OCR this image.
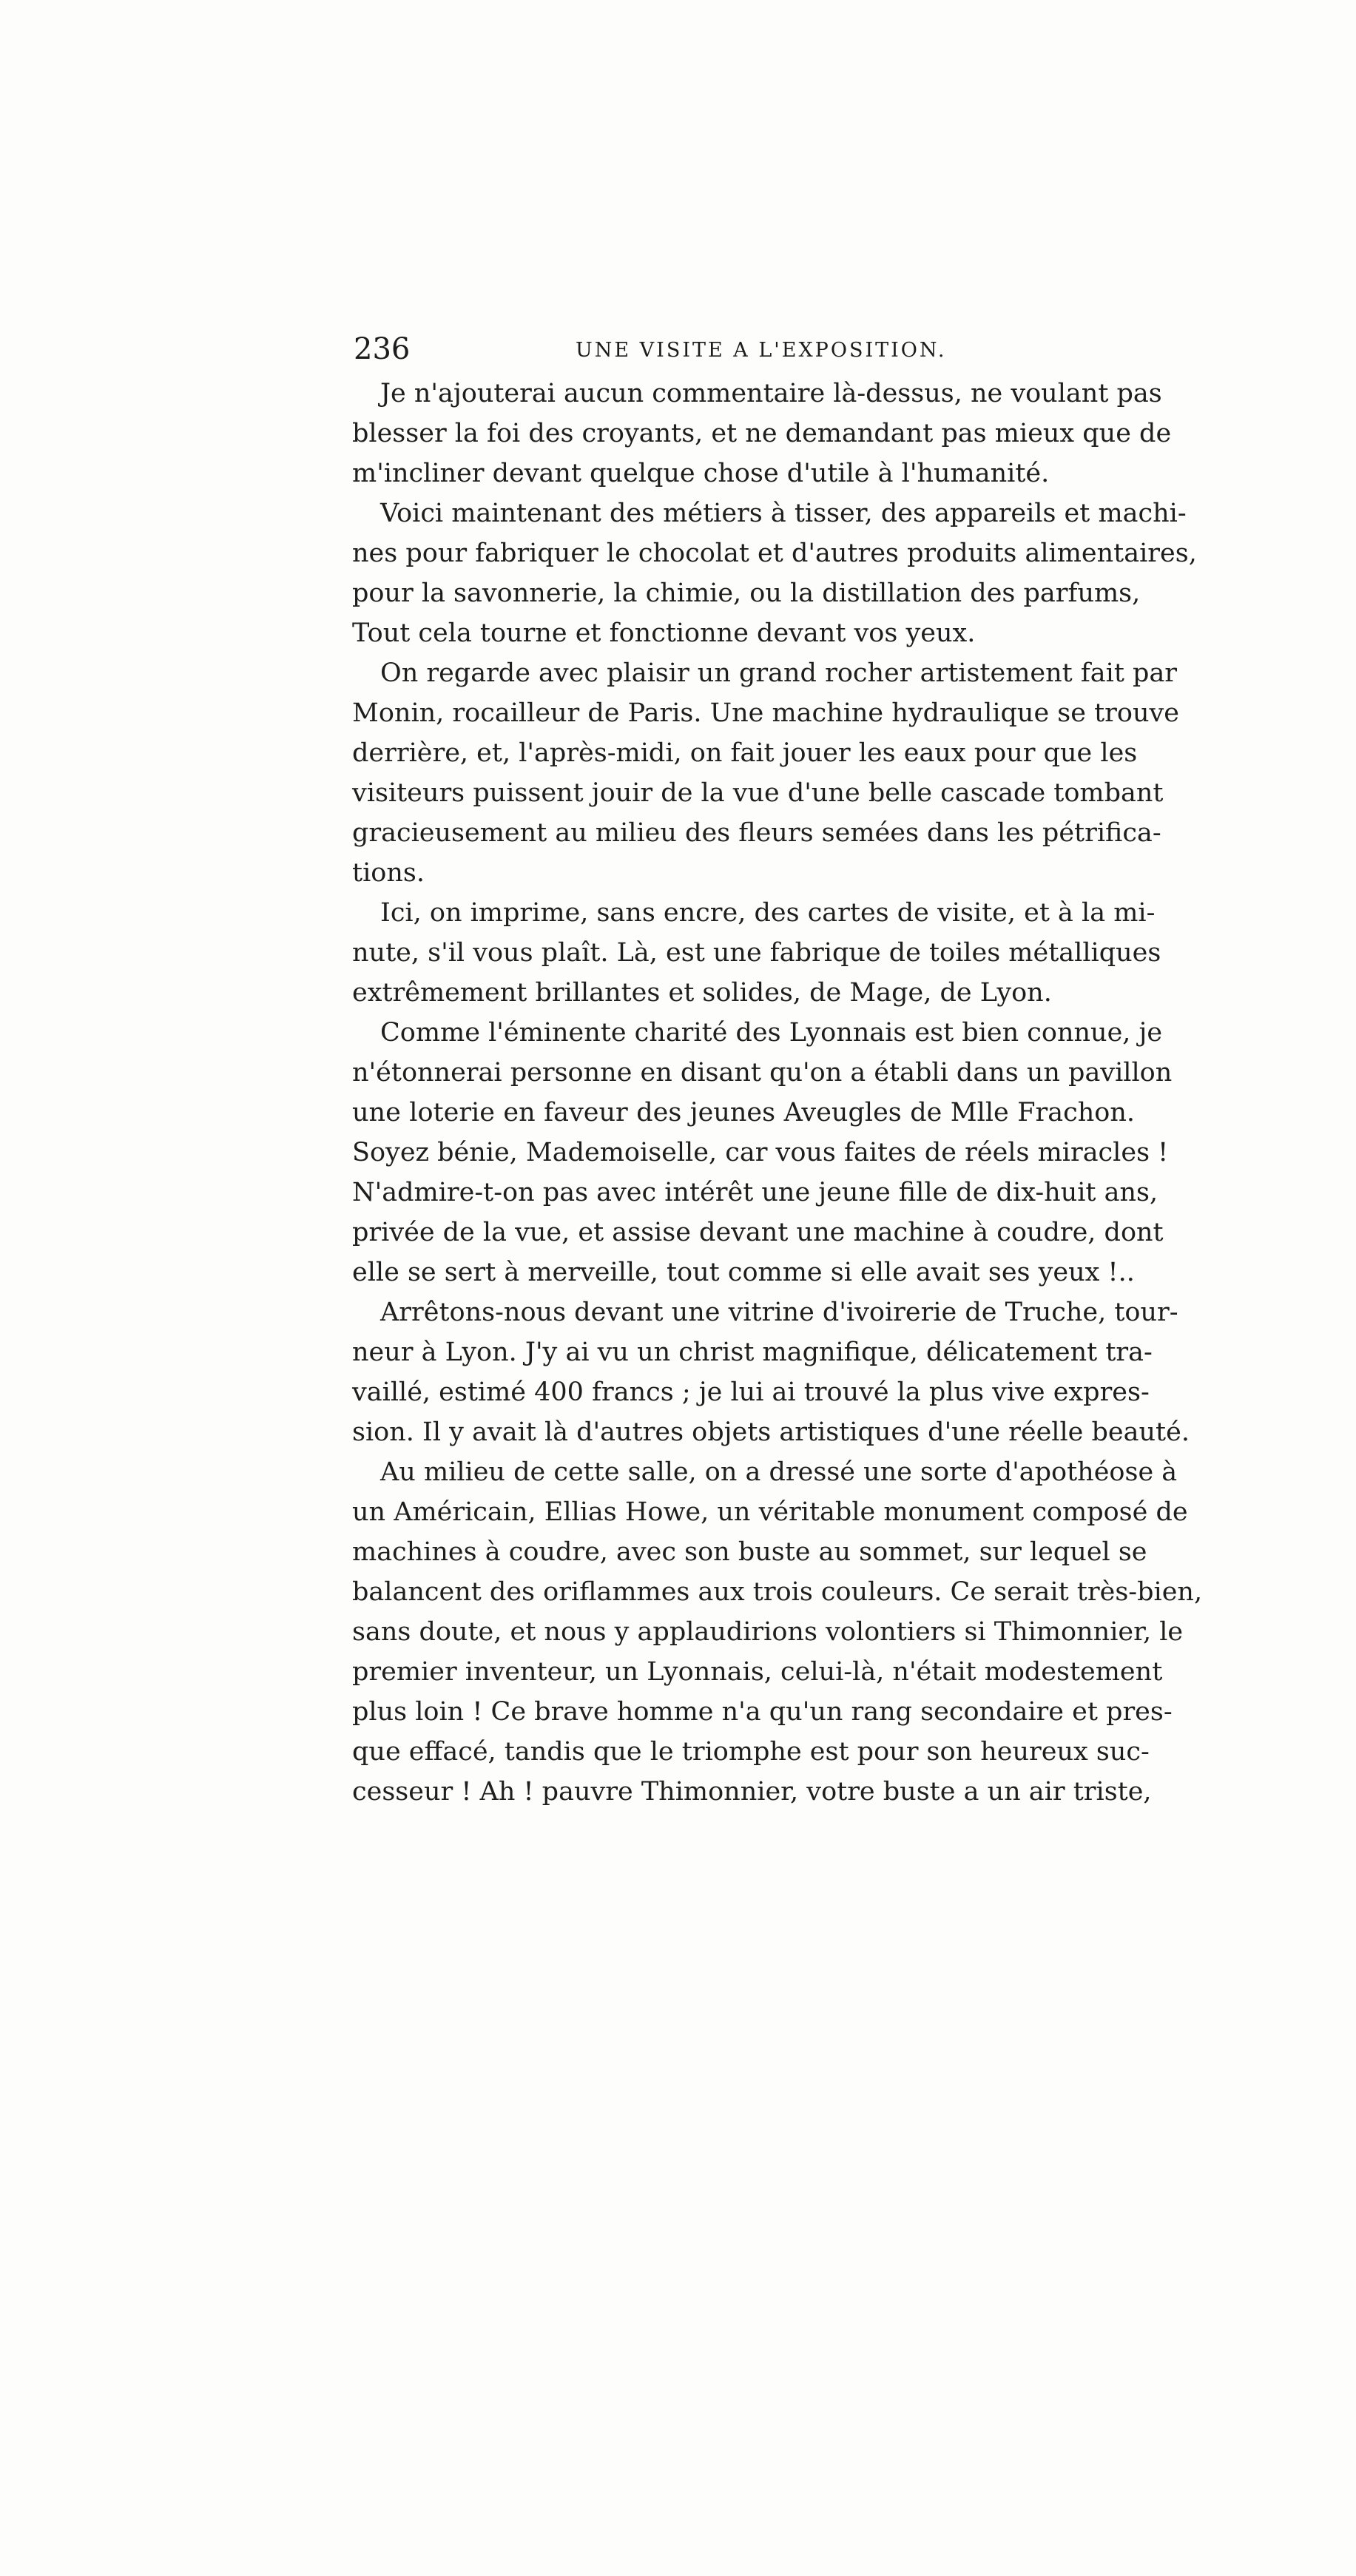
236	UNE VISITE A L'EXPOSITION.
Je n'ajouterai aucun commentaire là-dessus, ne voulant pas
blesser la foi des croyants, et ne demandant pas mieux que de
m'incliner devant quelque chose d'utile à l'humanité.
Voici maintenant des métiers à tisser, des appareils et machi-
nes pour fabriquer le chocolat et d'autres produits alimentaires,
pour la savonnerie, la chimie, ou la distillation des parfums,
Tout cela tourne et fonctionne devant vos yeux.
On regarde avec plaisir un grand rocher artistement fait par
Monin, rocailleur de Paris. Une machine hydraulique se trouve
derrière, et, l'après-midi, on fait jouer les eaux pour que les
visiteurs puissent jouir de la vue d'une belle cascade tombant
gracieusement au milieu des fleurs semées dans les pétrifica-
tions.
Ici, on imprime, sans encre, des cartes de visite, et à la mi-
nute, s'il vous plaît. Là, est une fabrique de toiles métalliques
extrêmement brillantes et solides, de Mage, de Lyon.
Comme l'éminente charité des Lyonnais est bien connue, je
n'étonnerai personne en disant qu'on a établi dans un pavillon
une loterie en faveur des jeunes Aveugles de Mlle Frachon.
Soyez bénie, Mademoiselle, car vous faites de réels miracles !
N'admire-t-on pas avec intérêt une jeune fille de dix-huit ans,
privée de la vue, et assise devant une machine à coudre, dont
elle se sert à merveille, tout comme si elle avait ses yeux !..
Arrêtons-nous devant une vitrine d'ivoirerie de Truche, tour-
neur à Lyon. J'y ai vu un christ magnifique, délicatement tra-
vaillé, estimé 400 francs ; je lui ai trouvé la plus vive expres-
sion. Il y avait là d'autres objets artistiques d'une réelle beauté.
Au milieu de cette salle, on a dressé une sorte d'apothéose à
un Américain, Ellias Howe, un véritable monument composé de
machines à coudre, avec son buste au sommet, sur lequel se
balancent des oriflammes aux trois couleurs. Ce serait très-bien,
sans doute, et nous y applaudirions volontiers si Thimonnier, le
premier inventeur, un Lyonnais, celui-là, n'était modestement
plus loin ! Ce brave homme n'a qu'un rang secondaire et pres-
que effacé, tandis que le triomphe est pour son heureux suc-
cesseur ! Ah ! pauvre Thimonnier, votre buste a un air triste,
